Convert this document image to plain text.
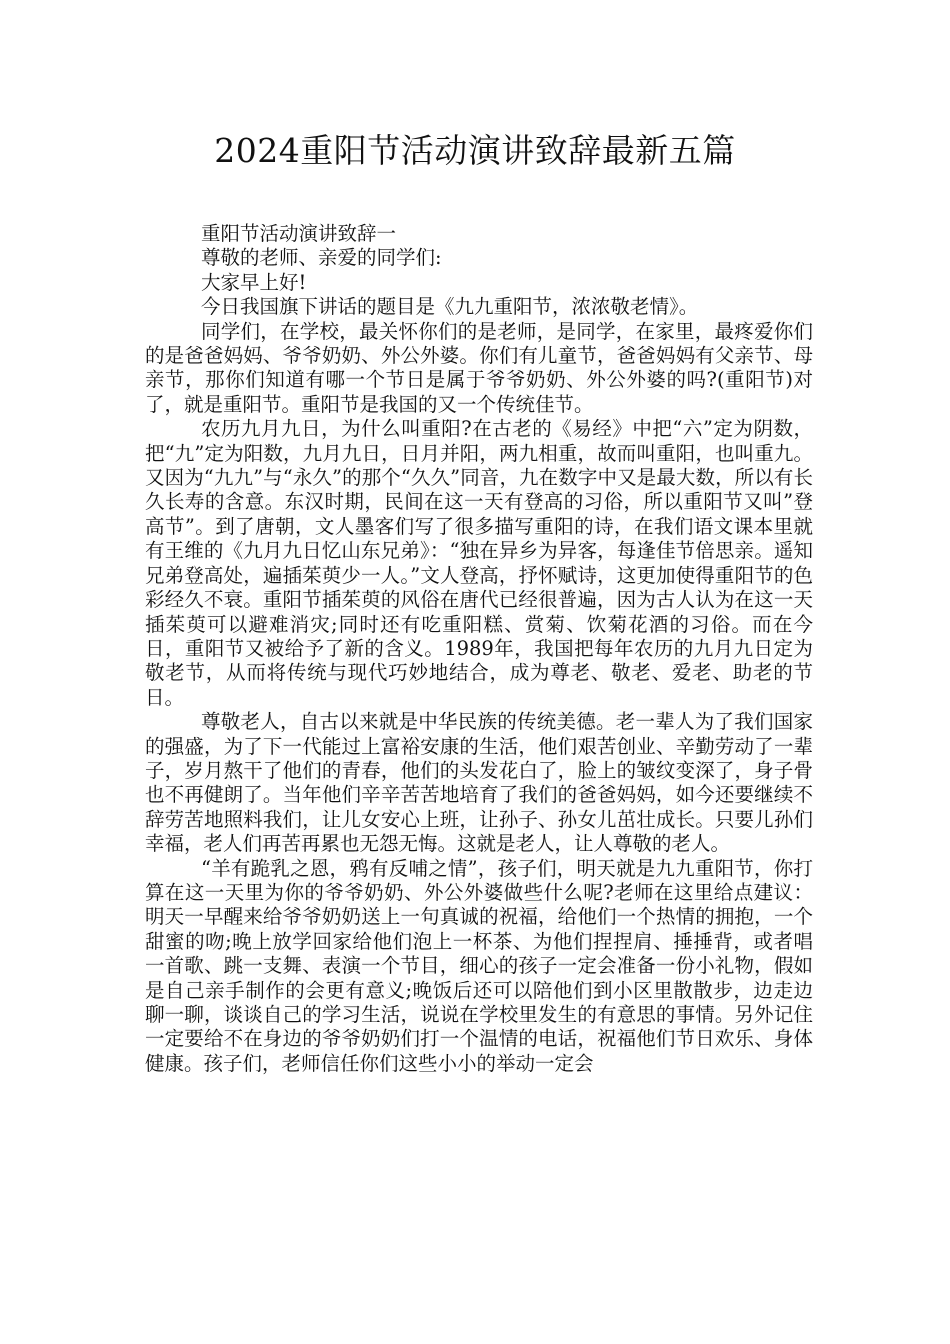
2024重阳节活动演讲致辞最新五篇

重阳节活动演讲致辞一

尊敬的老师、亲爱的同学们:

大家早上好!

今日我国旗下讲话的题目是《九九重阳节，浓浓敬老情》。

同学们，在学校，最关怀你们的是老师，是同学，在家里，最疼爱你们的是爸爸妈妈、爷爷奶奶、外公外婆。你们有儿童节，爸爸妈妈有父亲节、母亲节，那你们知道有哪一个节日是属于爷爷奶奶、外公外婆的吗?(重阳节)对了，就是重阳节。重阳节是我国的又一个传统佳节。

农历九月九日，为什么叫重阳?在古老的《易经》中把“六”定为阴数，把“九”定为阳数，九月九日，日月并阳，两九相重，故而叫重阳，也叫重九。又因为“九九”与“永久”的那个“久久”同音，九在数字中又是最大数，所以有长久长寿的含意。东汉时期，民间在这一天有登高的习俗，所以重阳节又叫”登高节”。到了唐朝，文人墨客们写了很多描写重阳的诗，在我们语文课本里就有王维的《九月九日忆山东兄弟》：“独在异乡为异客，每逢佳节倍思亲。遥知兄弟登高处，遍插茱萸少一人。”文人登高，抒怀赋诗，这更加使得重阳节的色彩经久不衰。重阳节插茱萸的风俗在唐代已经很普遍，因为古人认为在这一天插茱萸可以避难消灾;同时还有吃重阳糕、赏菊、饮菊花酒的习俗。而在今日，重阳节又被给予了新的含义。1989年，我国把每年农历的九月九日定为敬老节，从而将传统与现代巧妙地结合，成为尊老、敬老、爱老、助老的节日。

尊敬老人，自古以来就是中华民族的传统美德。老一辈人为了我们国家的强盛，为了下一代能过上富裕安康的生活，他们艰苦创业、辛勤劳动了一辈子，岁月熬干了他们的青春，他们的头发花白了，脸上的皱纹变深了，身子骨也不再健朗了。当年他们辛辛苦苦地培育了我们的爸爸妈妈，如今还要继续不辞劳苦地照料我们，让儿女安心上班，让孙子、孙女儿茁壮成长。只要儿孙们幸福，老人们再苦再累也无怨无悔。这就是老人，让人尊敬的老人。

“羊有跪乳之恩，鸦有反哺之情”，孩子们，明天就是九九重阳节，你打算在这一天里为你的爷爷奶奶、外公外婆做些什么呢?老师在这里给点建议：明天一早醒来给爷爷奶奶送上一句真诚的祝福，给他们一个热情的拥抱，一个甜蜜的吻;晚上放学回家给他们泡上一杯茶、为他们捏捏肩、捶捶背，或者唱一首歌、跳一支舞、表演一个节目，细心的孩子一定会准备一份小礼物，假如是自己亲手制作的会更有意义;晚饭后还可以陪他们到小区里散散步，边走边聊一聊，谈谈自己的学习生活，说说在学校里发生的有意思的事情。另外记住一定要给不在身边的爷爷奶奶们打一个温情的电话，祝福他们节日欢乐、身体健康。孩子们，老师信任你们这些小小的举动一定会
